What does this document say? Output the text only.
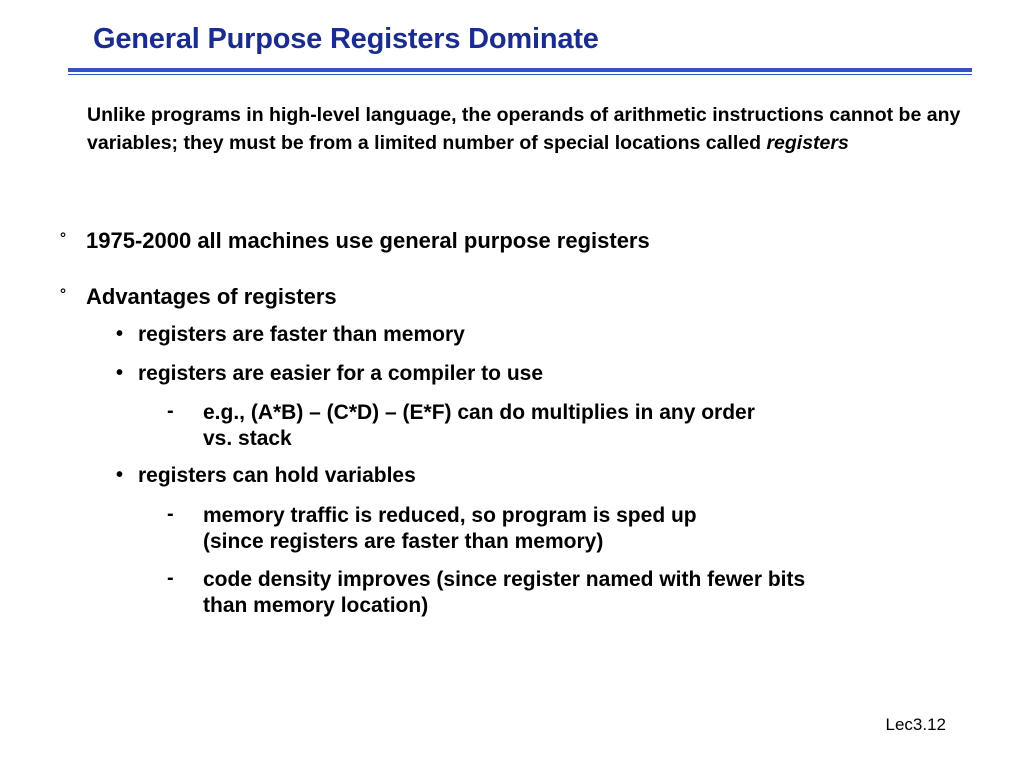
General Purpose Registers Dominate

Unlike programs in high-level language, the operands of arithmetic instructions cannot be any variables; they must be from a limited number of special locations called registers

° 1975-2000 all machines use general purpose registers
° Advantages of registers
• registers are faster than memory
• registers are easier for a compiler to use
- e.g., (A*B) – (C*D) – (E*F) can do multiplies in any order
vs. stack
• registers can hold variables
- memory traffic is reduced, so program is sped up
(since registers are faster than memory)
- code density improves (since register named with fewer bits
than memory location)
Lec3.12
